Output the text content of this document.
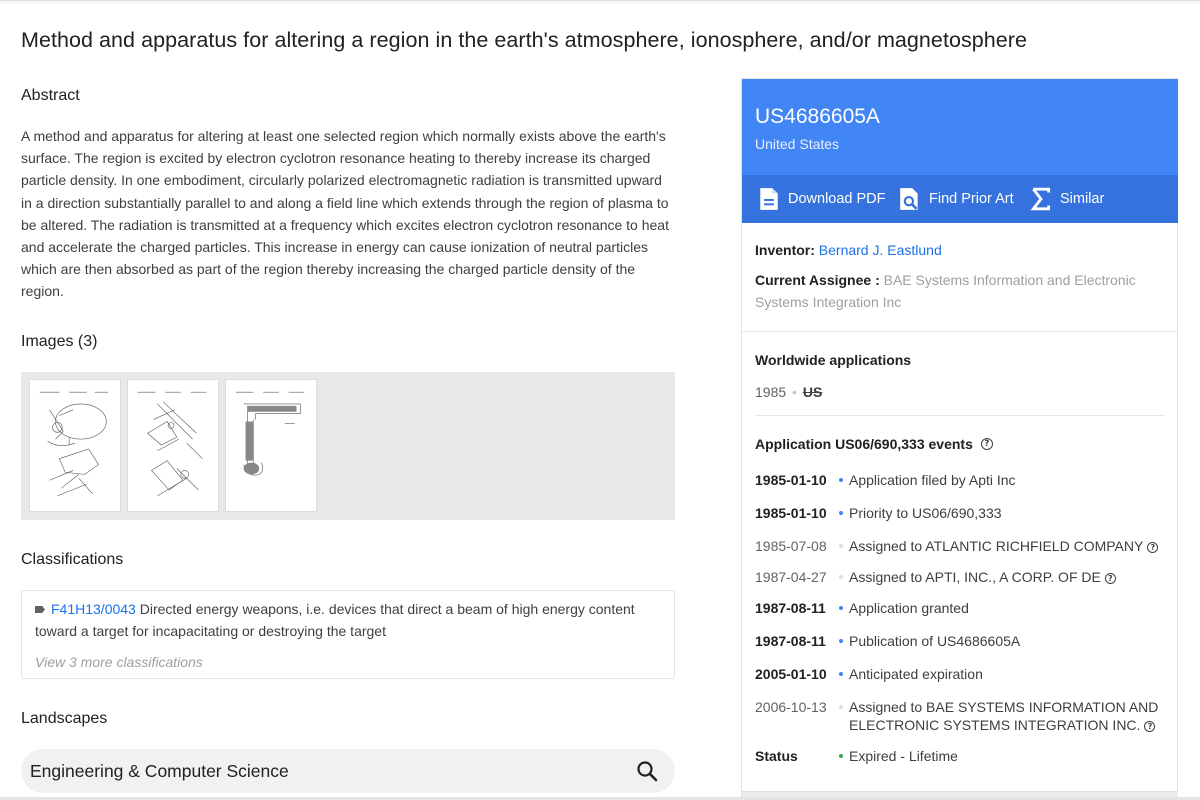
Method and apparatus for altering a region in the earth's atmosphere, ionosphere, and/or magnetosphere
Abstract

A method and apparatus for altering at least one selected region which normally exists above the earth's surface. The region is excited by electron cyclotron resonance heating to thereby increase its charged particle density. In one embodiment, circularly polarized electromagnetic radiation is transmitted upward in a direction substantially parallel to and along a field line which extends through the region of plasma to be altered. The radiation is transmitted at a frequency which excites electron cyclotron resonance to heat and accelerate the charged particles. This increase in energy can cause ionization of neutral particles which are then absorbed as part of the region thereby increasing the charged particle density of the region.

Images (3)
Classifications
F41H13/0043 Directed energy weapons, i.e. devices that direct a beam of high energy content toward a target for incapacitating or destroying the target
View 3 more classifications
Landscapes
Engineering & Computer Science
US4686605A
United States
Download PDF	Find Prior Art	Similar
Inventor: Bernard J. Eastlund
Current Assignee : BAE Systems Information and Electronic Systems Integration Inc
Worldwide applications
1985 • US
Application US06/690,333 events	?
1985-01-10	Application filed by Apti Inc
1985-01-10	Priority to US06/690,333
1985-07-08	Assigned to ATLANTIC RICHFIELD COMPANY ?
1987-04-27	Assigned to APTI, INC., A CORP. OF DE ?
1987-08-11	Application granted
1987-08-11	Publication of US4686605A
2005-01-10	Anticipated expiration
2006-10-13	Assigned to BAE SYSTEMS INFORMATION AND ELECTRONIC SYSTEMS INTEGRATION INC. ?
Status	Expired - Lifetime
